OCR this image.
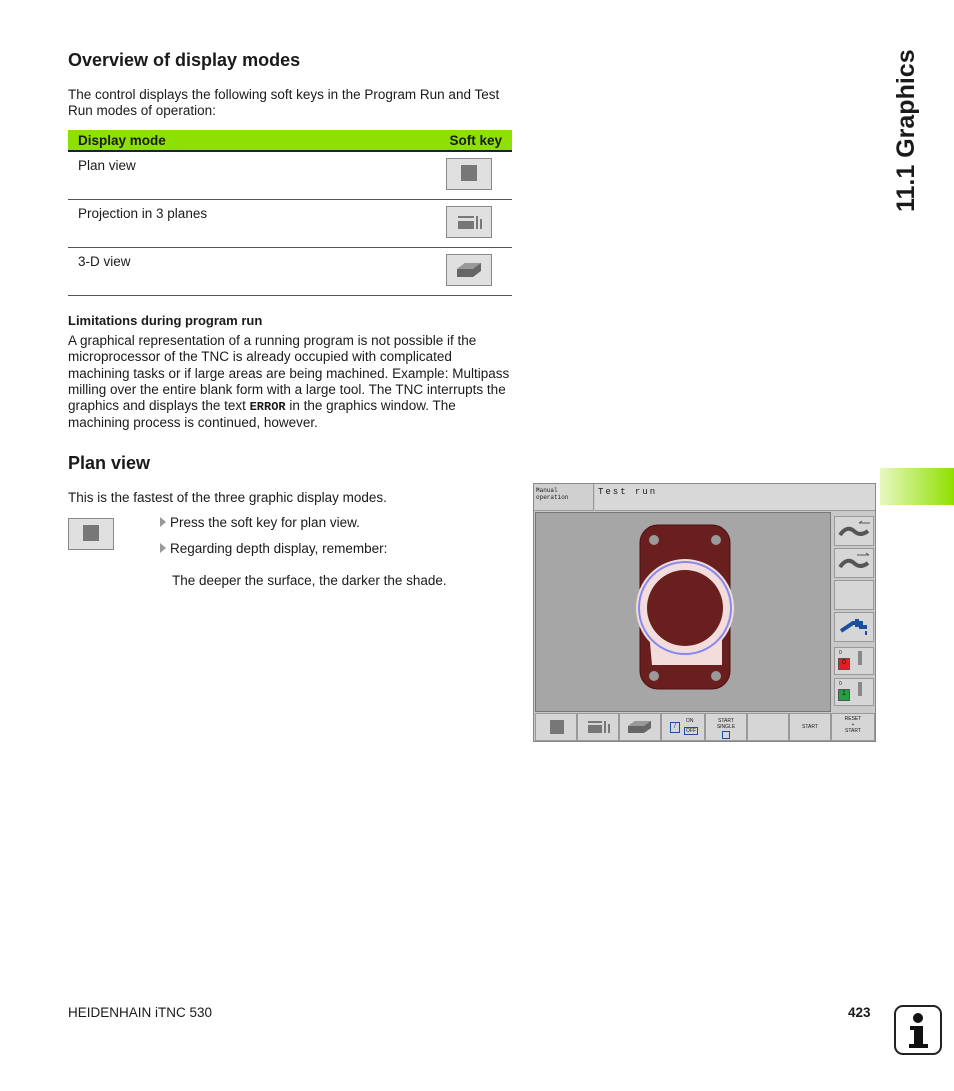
11.1 Graphics
Overview of display modes

The control displays the following soft keys in the Program Run and Test Run modes of operation:

Display mode	Soft key
Plan view	

Projection in 3 planes	

3-D view	
Limitations during program run

A graphical representation of a running program is not possible if the microprocessor of the TNC is already occupied with complicated machining tasks or if large areas are being machined. Example: Multipass milling over the entire blank form with a large tool. The TNC interrupts the graphics and displays the text ERROR in the graphics window. The machining process is continued, however.

Plan view

This is the fastest of the three graphic display modes.

Press the soft key for plan view.

Regarding depth display, remember:

The deeper the surface, the darker the shade.

Manual
operation
Test run
0
0
0
1
/
ON
OFF
START
SINGLE	START
RESET
+
START
HEIDENHAIN iTNC 530	423
